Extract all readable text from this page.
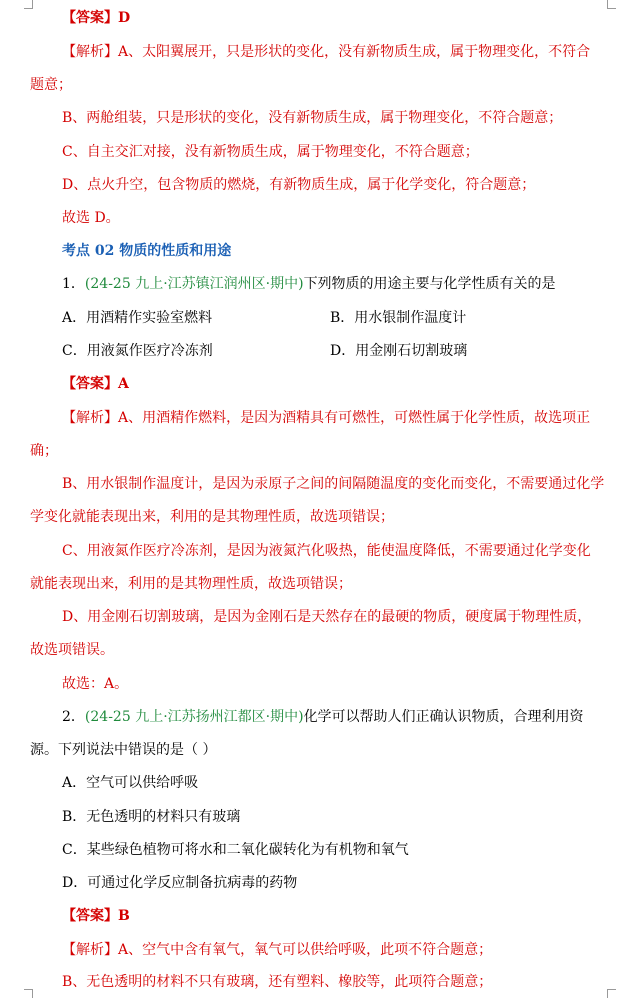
【答案】D
【解析】A、太阳翼展开，只是形状的变化，没有新物质生成，属于物理变化，不符合
题意；
B、两舱组装，只是形状的变化，没有新物质生成，属于物理变化，不符合题意；
C、自主交汇对接，没有新物质生成，属于物理变化，不符合题意；
D、点火升空，包含物质的燃烧，有新物质生成，属于化学变化，符合题意；
故选 D。
考点 02 物质的性质和用途
1．(24-25 九上·江苏镇江润州区·期中)下列物质的用途主要与化学性质有关的是
A．用酒精作实验室燃料	B．用水银制作温度计
C．用液氮作医疗冷冻剂	D．用金刚石切割玻璃
【答案】A
【解析】A、用酒精作燃料，是因为酒精具有可燃性，可燃性属于化学性质，故选项正
确；
B、用水银制作温度计，是因为汞原子之间的间隔随温度的变化而变化，不需要通过化学
学变化就能表现出来，利用的是其物理性质，故选项错误；
C、用液氮作医疗冷冻剂，是因为液氮汽化吸热，能使温度降低，不需要通过化学变化
就能表现出来，利用的是其物理性质，故选项错误；
D、用金刚石切割玻璃，是因为金刚石是天然存在的最硬的物质，硬度属于物理性质，
故选项错误。
故选：A。
2．(24-25 九上·江苏扬州江都区·期中)化学可以帮助人们正确认识物质，合理利用资
源。下列说法中错误的是（ ）
A．空气可以供给呼吸
B．无色透明的材料只有玻璃
C．某些绿色植物可将水和二氧化碳转化为有机物和氧气
D．可通过化学反应制备抗病毒的药物
【答案】B
【解析】A、空气中含有氧气，氧气可以供给呼吸，此项不符合题意；
B、无色透明的材料不只有玻璃，还有塑料、橡胶等，此项符合题意；
